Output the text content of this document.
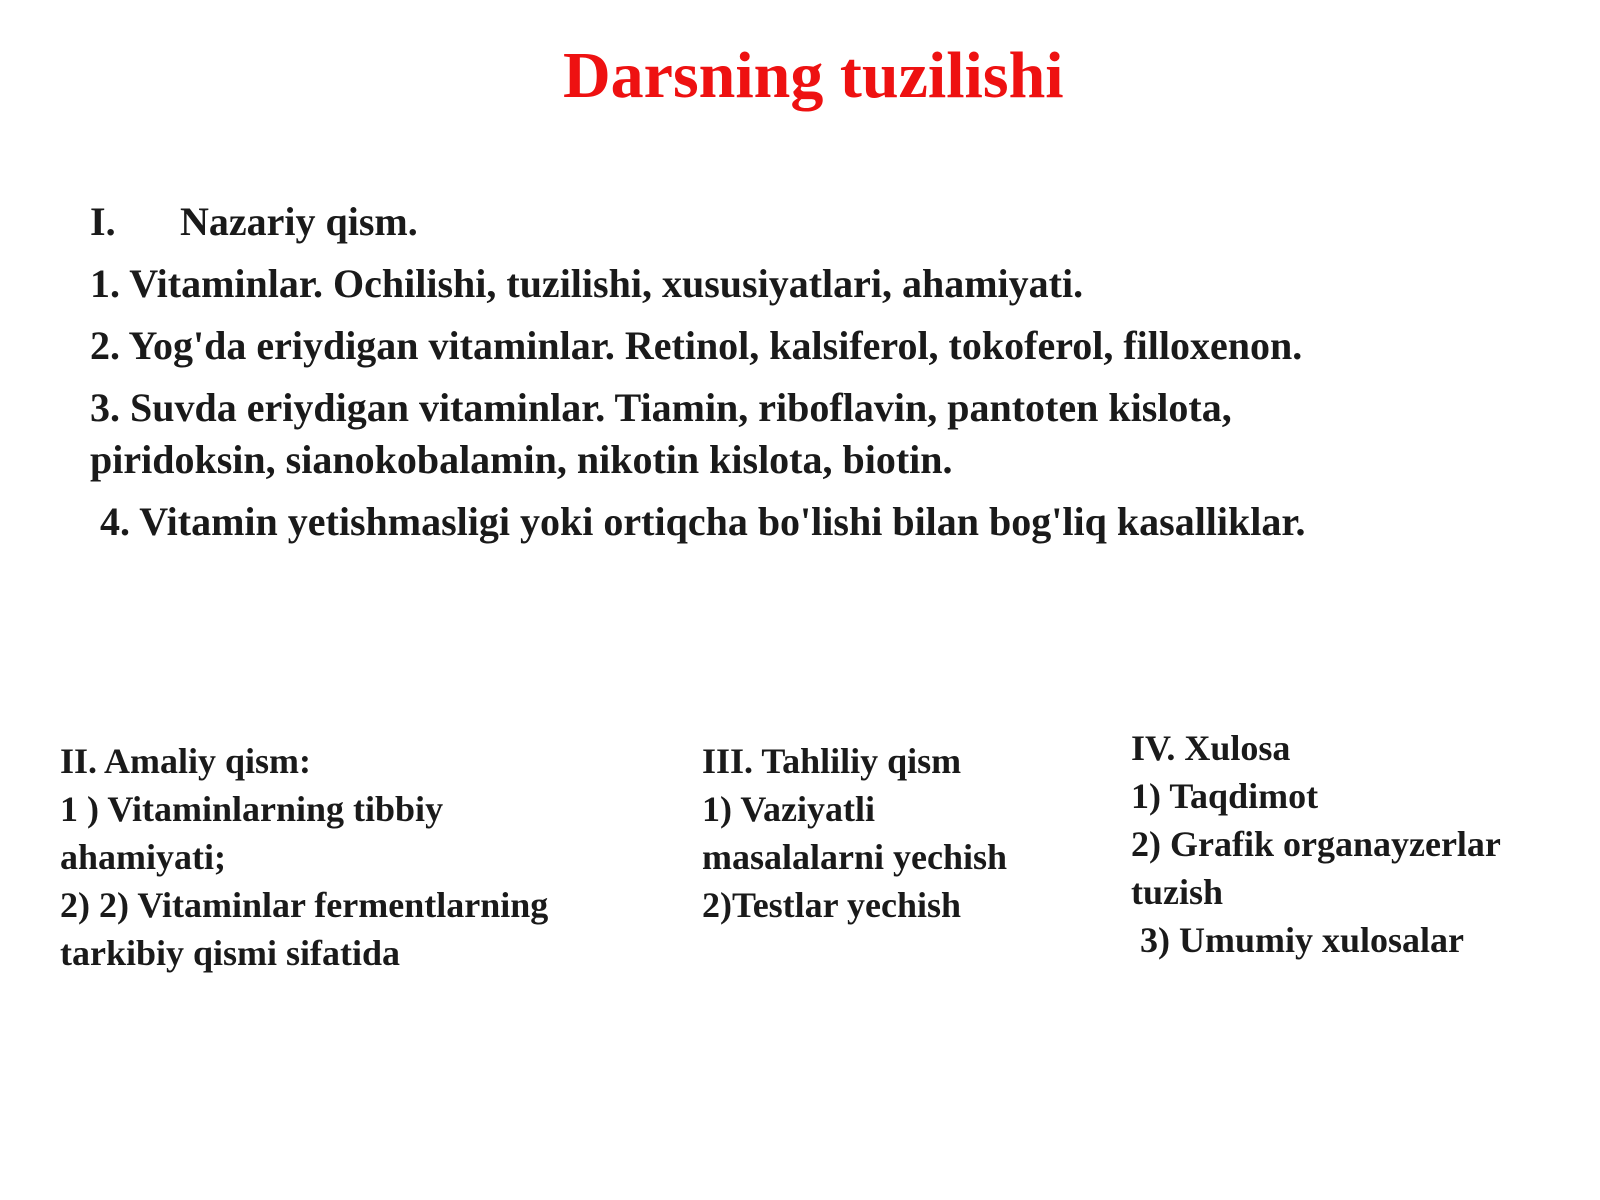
Darsning tuzilishi
I. Nazariy qism.
1. Vitaminlar. Ochilishi, tuzilishi, xususiyatlari, ahamiyati.
2. Yog'da eriydigan vitaminlar. Retinol, kalsiferol, tokoferol, filloxenon.
3. Suvda eriydigan vitaminlar. Tiamin, riboflavin, pantoten kislota,
piridoksin, sianokobalamin, nikotin kislota, biotin.
4. Vitamin yetishmasligi yoki ortiqcha bo'lishi bilan bog'liq kasalliklar.
II. Amaliy qism:
1 ) Vitaminlarning tibbiy
ahamiyati;
2) 2) Vitaminlar fermentlarning
tarkibiy qismi sifatida
III. Tahliliy qism
1) Vaziyatli
masalalarni yechish
2)Testlar yechish
IV. Xulosa
1) Taqdimot
2) Grafik organayzerlar
tuzish
3) Umumiy xulosalar
